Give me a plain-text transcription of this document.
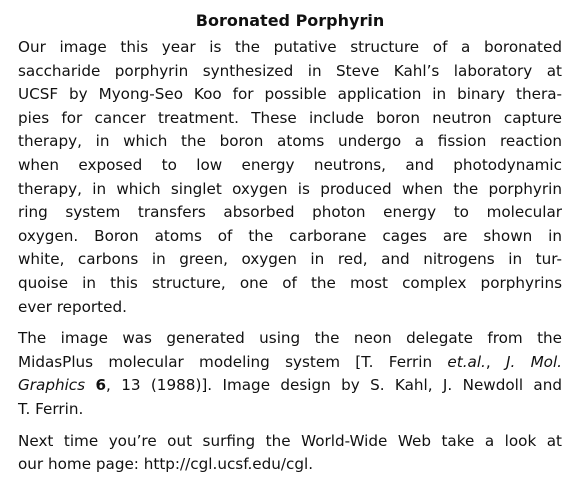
Boronated Porphyrin
Our image this year is the putative structure of a boronated
saccharide porphyrin synthesized in Steve Kahl’s laboratory at
UCSF by Myong-Seo Koo for possible application in binary thera-
pies for cancer treatment. These include boron neutron capture
therapy, in which the boron atoms undergo a fission reaction
when exposed to low energy neutrons, and photodynamic
therapy, in which singlet oxygen is produced when the porphyrin
ring system transfers absorbed photon energy to molecular
oxygen. Boron atoms of the carborane cages are shown in
white, carbons in green, oxygen in red, and nitrogens in tur-
quoise in this structure, one of the most complex porphyrins
ever reported.
The image was generated using the neon delegate from the
MidasPlus molecular modeling system [T. Ferrin et.al., J. Mol.
Graphics 6, 13 (1988)]. Image design by S. Kahl, J. Newdoll and
T. Ferrin.
Next time you’re out surfing the World-Wide Web take a look at
our home page: http://cgl.ucsf.edu/cgl.
